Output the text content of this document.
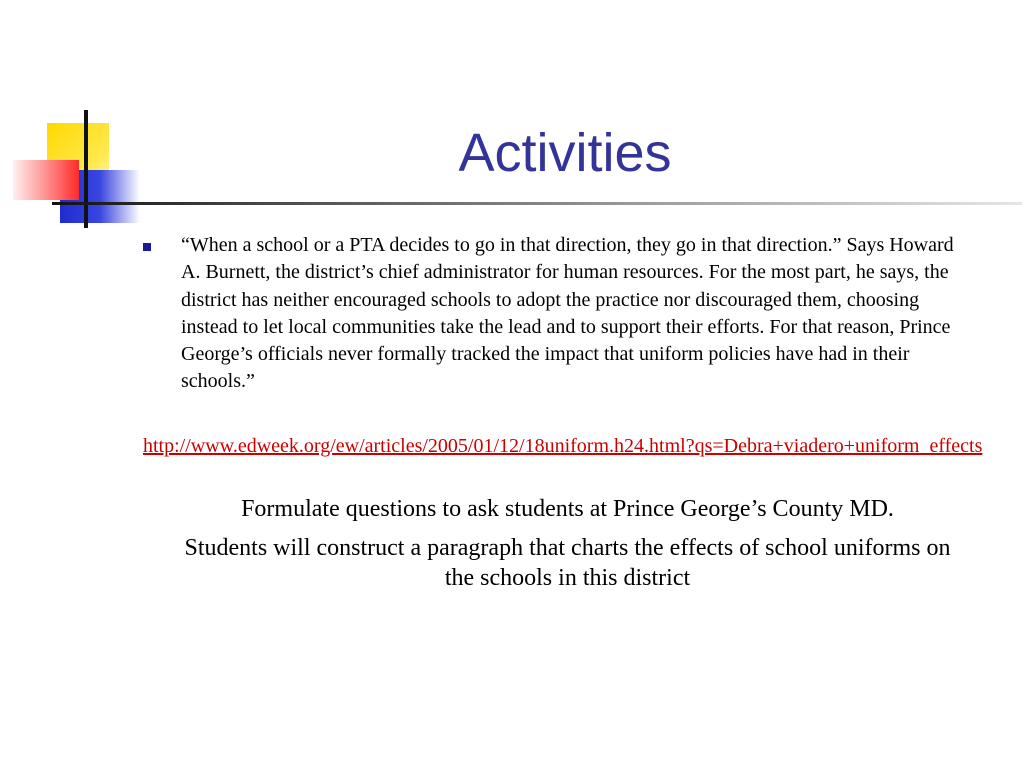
Activities
“When a school or a PTA decides to go in that direction, they go in that direction.” Says Howard A. Burnett, the district’s chief administrator for human resources. For the most part, he says, the district has neither encouraged schools to adopt the practice nor discouraged them, choosing instead to let local communities take the lead and to support their efforts. For that reason, Prince George’s officials never formally tracked the impact that uniform policies have had in their schools.”
http://www.edweek.org/ew/articles/2005/01/12/18uniform.h24.html?qs=Debra+viadero+uniform_effects
Formulate questions to ask students at Prince George’s County MD.
Students will construct a paragraph that charts the effects of school uniforms on the schools in this district
